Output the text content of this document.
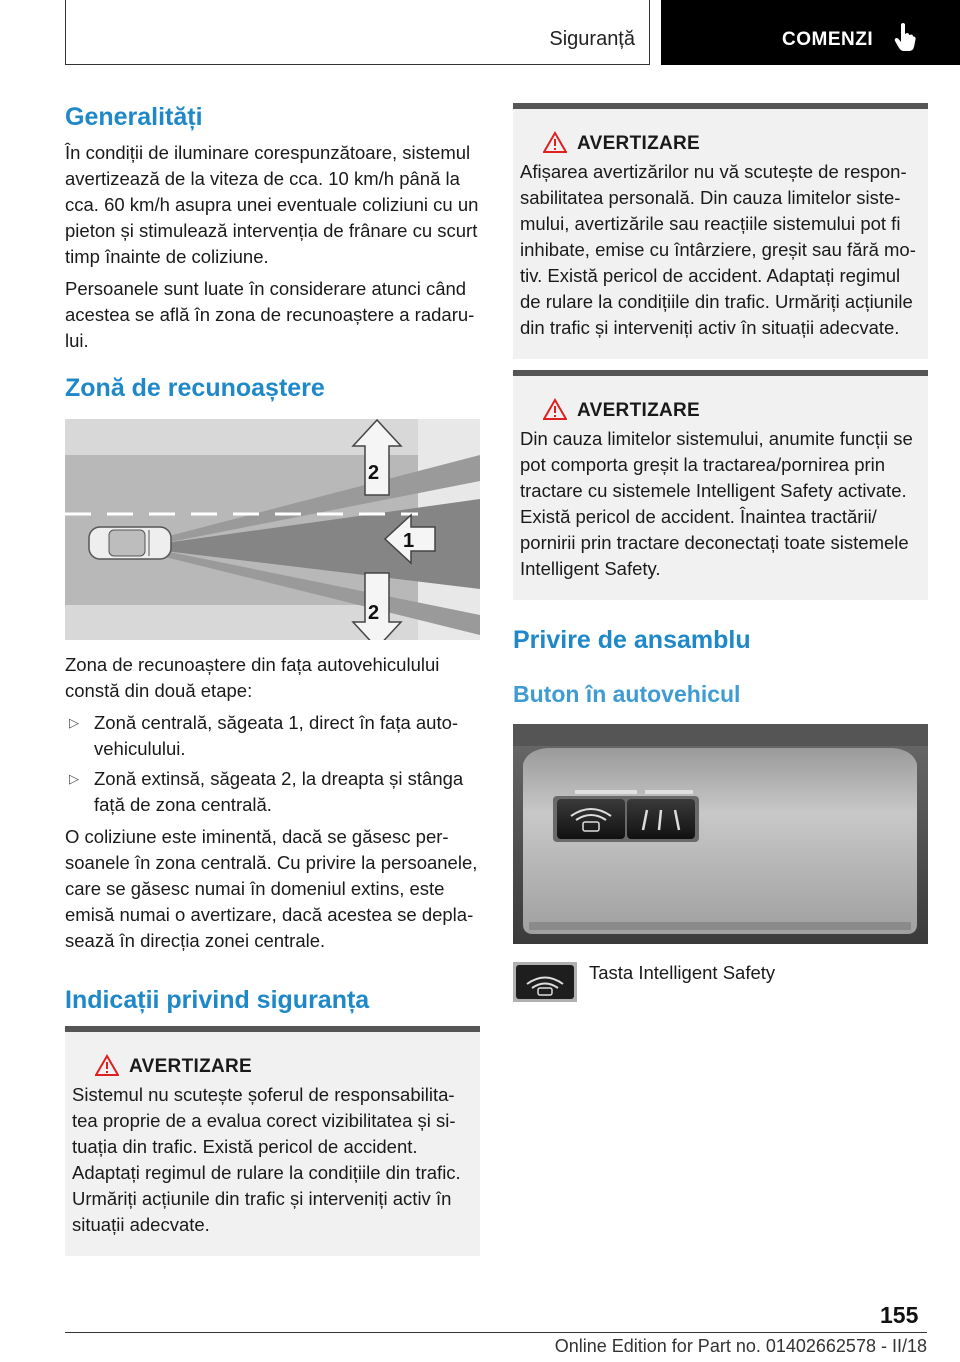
Siguranță	COMENZI
Generalități

În condiții de iluminare corespunzătoare, sistemul avertizează de la viteza de cca. 10 km/h până la cca. 60 km/h asupra unei eventuale coliziuni cu un pieton și stimulează intervenția de frânare cu scurt timp înainte de coliziune.

Persoanele sunt luate în considerare atunci când acestea se află în zona de recunoaștere a radaru‐lui.

Zonă de recunoaștere
2
1
2

Zona de recunoaștere din fața autovehiculului constă din două etape:

▷ Zonă centrală, săgeata 1, direct în fața auto‐vehiculului.
▷ Zonă extinsă, săgeata 2, la dreapta și stânga față de zona centrală.

O coliziune este iminentă, dacă se găsesc per‐soanele în zona centrală. Cu privire la persoanele, care se găsesc numai în domeniul extins, este emisă numai o avertizare, dacă acestea se depla‐sează în direcția zonei centrale.

Indicații privind siguranța
AVERTIZARE
Sistemul nu scutește șoferul de responsabilita‐tea proprie de a evalua corect vizibilitatea și si‐tuația din trafic. Există pericol de accident. Adaptați regimul de rulare la condițiile din trafic. Urmăriți acțiunile din trafic și interveniți activ în situații adecvate.
AVERTIZARE
Afișarea avertizărilor nu vă scutește de respon‐sabilitatea personală. Din cauza limitelor siste‐mului, avertizările sau reacțiile sistemului pot fi inhibate, emise cu întârziere, greșit sau fără mo‐tiv. Există pericol de accident. Adaptați regimul de rulare la condițiile din trafic. Urmăriți acțiunile din trafic și interveniți activ în situații adecvate.
AVERTIZARE
Din cauza limitelor sistemului, anumite funcții se pot comporta greșit la tractarea/pornirea prin tractare cu sistemele Intelligent Safety activate. Există pericol de accident. Înaintea tractării/ pornirii prin tractare deconectați toate sistemele Intelligent Safety.
Privire de ansamblu
Buton în autovehicul
Tasta Intelligent Safety
155
Online Edition for Part no. 01402662578 - II/18
